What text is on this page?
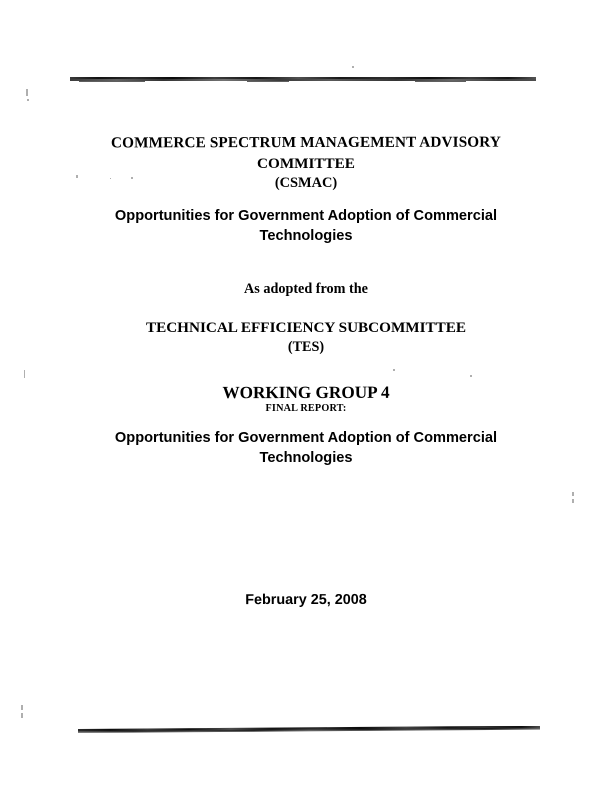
COMMERCE SPECTRUM MANAGEMENT ADVISORY
COMMITTEE
(CSMAC)
Opportunities for Government Adoption of Commercial
Technologies
As adopted from the
TECHNICAL EFFICIENCY SUBCOMMITTEE
(TES)
WORKING GROUP 4
FINAL REPORT:
Opportunities for Government Adoption of Commercial
Technologies
February 25, 2008
